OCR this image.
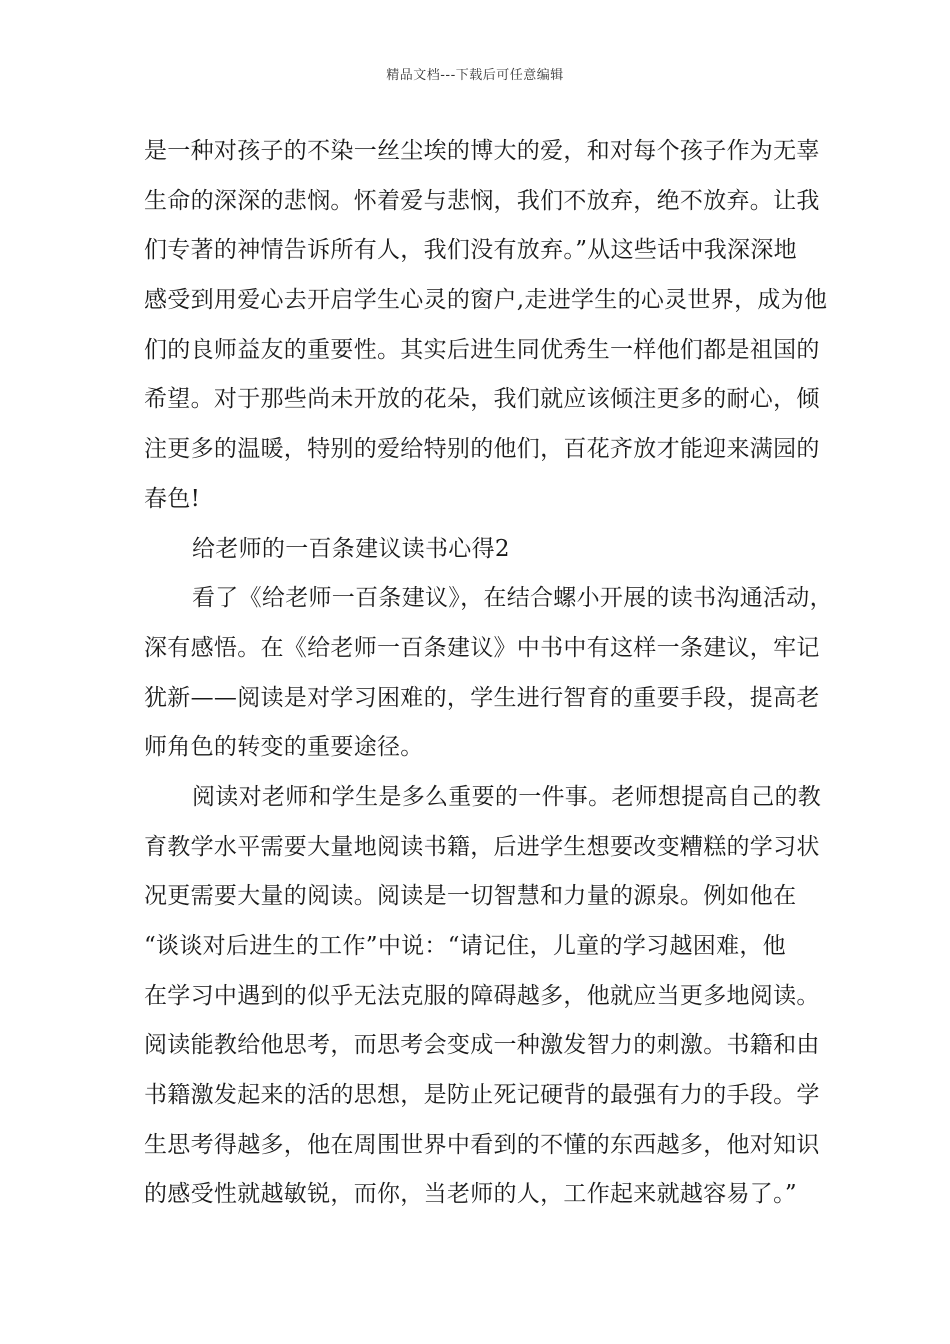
精品文档---下载后可任意编辑
是一种对孩子的不染一丝尘埃的博大的爱，和对每个孩子作为无辜
生命的深深的悲悯。怀着爱与悲悯，我们不放弃，绝不放弃。让我
们专著的神情告诉所有人，我们没有放弃。”从这些话中我深深地
感受到用爱心去开启学生心灵的窗户,走进学生的心灵世界，成为他
们的良师益友的重要性。其实后进生同优秀生一样他们都是祖国的
希望。对于那些尚未开放的花朵，我们就应该倾注更多的耐心，倾
注更多的温暖，特别的爱给特别的他们，百花齐放才能迎来满园的
春色!
给老师的一百条建议读书心得2
看了《给老师一百条建议》，在结合螺小开展的读书沟通活动，
深有感悟。在《给老师一百条建议》中书中有这样一条建议，牢记
犹新——阅读是对学习困难的，学生进行智育的重要手段，提高老
师角色的转变的重要途径。
阅读对老师和学生是多么重要的一件事。老师想提高自己的教
育教学水平需要大量地阅读书籍，后进学生想要改变糟糕的学习状
况更需要大量的阅读。阅读是一切智慧和力量的源泉。例如他在
“谈谈对后进生的工作”中说：“请记住，儿童的学习越困难，他
在学习中遇到的似乎无法克服的障碍越多，他就应当更多地阅读。
阅读能教给他思考，而思考会变成一种激发智力的刺激。书籍和由
书籍激发起来的活的思想，是防止死记硬背的最强有力的手段。学
生思考得越多，他在周围世界中看到的不懂的东西越多，他对知识
的感受性就越敏锐，而你，当老师的人，工作起来就越容易了。”
